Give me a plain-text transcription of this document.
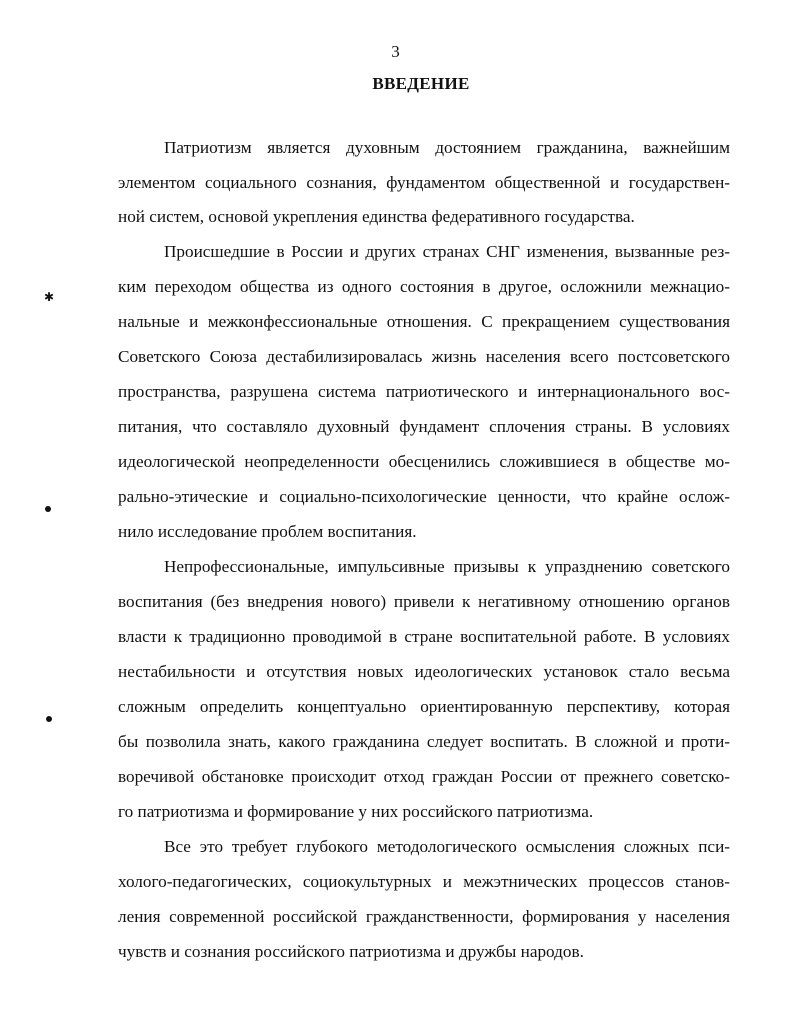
3
ВВЕДЕНИЕ
Патриотизм является духовным достоянием гражданина, важнейшим
элементом социального сознания, фундаментом общественной и государствен-
ной систем, основой укрепления единства федеративного государства.
Происшедшие в России и других странах СНГ изменения, вызванные рез-
ким переходом общества из одного состояния в другое, осложнили межнацио-
нальные и межконфессиональные отношения. С прекращением существования
Советского Союза дестабилизировалась жизнь населения всего постсоветского
пространства, разрушена система патриотического и интернационального вос-
питания, что составляло духовный фундамент сплочения страны. В условиях
идеологической неопределенности обесценились сложившиеся в обществе мо-
рально-этические и социально-психологические ценности, что крайне ослож-
нило исследование проблем воспитания.
Непрофессиональные, импульсивные призывы к упразднению советского
воспитания (без внедрения нового) привели к негативному отношению органов
власти к традиционно проводимой в стране воспитательной работе. В условиях
нестабильности и отсутствия новых идеологических установок стало весьма
сложным определить концептуально ориентированную перспективу, которая
бы позволила знать, какого гражданина следует воспитать. В сложной и проти-
воречивой обстановке происходит отход граждан России от прежнего советско-
го патриотизма и формирование у них российского патриотизма.
Все это требует глубокого методологического осмысления сложных пси-
холого-педагогических, социокультурных и межэтнических процессов станов-
ления современной российской гражданственности, формирования у населения
чувств и сознания российского патриотизма и дружбы народов.
✱
